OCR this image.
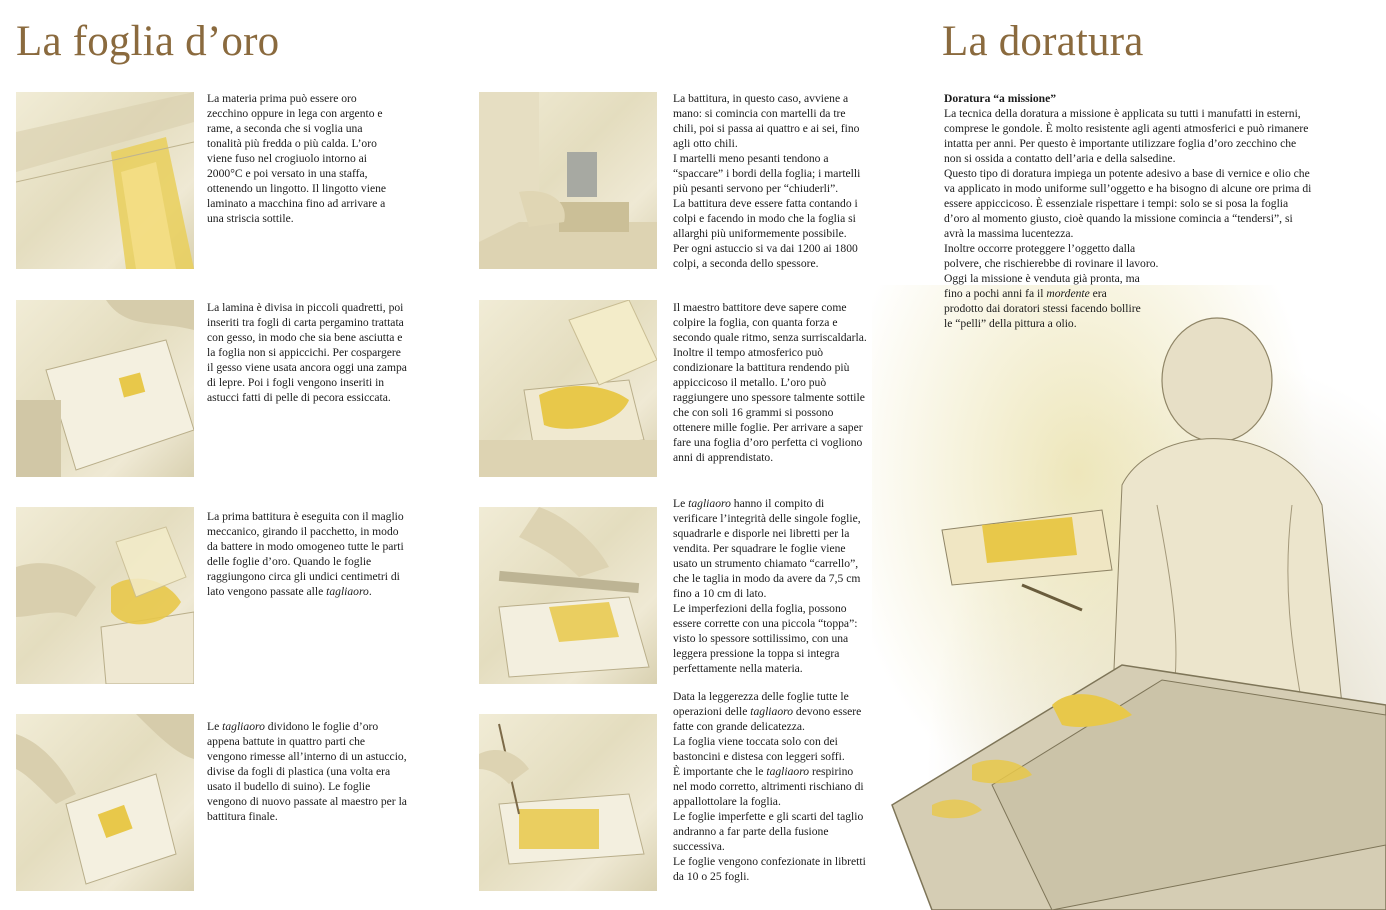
La foglia d’oro	La doratura

La materia prima può essere oro zecchino oppure in lega con argento e rame, a seconda che si voglia una tonalità più fredda o più calda. L’oro viene fuso nel crogiuolo intorno ai 2000°C e poi versato in una staffa, ottenendo un lingotto. Il lingotto viene laminato a macchina fino ad arrivare a una striscia sottile.

La lamina è divisa in piccoli quadretti, poi inseriti tra fogli di carta pergamino trattata con gesso, in modo che sia bene asciutta e la foglia non si appiccichi. Per cospargere il gesso viene usata ancora oggi una zampa di lepre. Poi i fogli vengono inseriti in astucci fatti di pelle di pecora essiccata.

La prima battitura è eseguita con il maglio meccanico, girando il pacchetto, in modo da battere in modo omogeneo tutte le parti delle foglie d’oro. Quando le foglie raggiungono circa gli undici centimetri di lato vengono passate alle tagliaoro.

Le tagliaoro dividono le foglie d’oro appena battute in quattro parti che vengono rimesse all’interno di un astuccio, divise da fogli di plastica (una volta era usato il budello di suino). Le foglie vengono di nuovo passate al maestro per la battitura finale.

La battitura, in questo caso, avviene a mano: si comincia con martelli da tre chili, poi si passa ai quattro e ai sei, fino agli otto chili.

I martelli meno pesanti tendono a “spaccare” i bordi della foglia; i martelli più pesanti servono per “chiuderli”.

La battitura deve essere fatta contando i colpi e facendo in modo che la foglia si allarghi più uniformemente possibile.

Per ogni astuccio si va dai 1200 ai 1800 colpi, a seconda dello spessore.

Il maestro battitore deve sapere come colpire la foglia, con quanta forza e secondo quale ritmo, senza surriscaldarla. Inoltre il tempo atmosferico può condizionare la battitura rendendo più appiccicoso il metallo. L’oro può raggiungere uno spessore talmente sottile che con soli 16 grammi si possono ottenere mille foglie. Per arrivare a saper fare una foglia d’oro perfetta ci vogliono anni di apprendistato.

Le tagliaoro hanno il compito di verificare l’integrità delle singole foglie, squadrarle e disporle nei libretti per la vendita. Per squadrare le foglie viene usato un strumento chiamato “carrello”, che le taglia in modo da avere da 7,5 cm fino a 10 cm di lato.

Le imperfezioni della foglia, possono essere corrette con una piccola “toppa”: visto lo spessore sottilissimo, con una leggera pressione la toppa si integra perfettamente nella materia.

Data la leggerezza delle foglie tutte le operazioni delle tagliaoro devono essere fatte con grande delicatezza.

La foglia viene toccata solo con dei bastoncini e distesa con leggeri soffi.

È importante che le tagliaoro respirino nel modo corretto, altrimenti rischiano di appallottolare la foglia.

Le foglie imperfette e gli scarti del taglio andranno a far parte della fusione successiva.

Le foglie vengono confezionate in libretti da 10 o 25 fogli.

Doratura “a missione”

La tecnica della doratura a missione è applicata su tutti i manufatti in esterni, comprese le gondole. È molto resistente agli agenti atmosferici e può rimanere intatta per anni. Per questo è importante utilizzare foglia d’oro zecchino che non si ossida a contatto dell’aria e della salsedine.

Questo tipo di doratura impiega un potente adesivo a base di vernice e olio che va applicato in modo uniforme sull’oggetto e ha bisogno di alcune ore prima di essere appiccicoso. È essenziale rispettare i tempi: solo se si posa la foglia d’oro al momento giusto, cioè quando la missione comincia a “tendersi”, si avrà la massima lucentezza.

Inoltre occorre proteggere l’oggetto dalla polvere, che rischierebbe di rovinare il lavoro.

Oggi la missione è venduta già pronta, ma fino a pochi anni fa il mordente era prodotto dai doratori stessi facendo bollire le “pelli” della pittura a olio.
